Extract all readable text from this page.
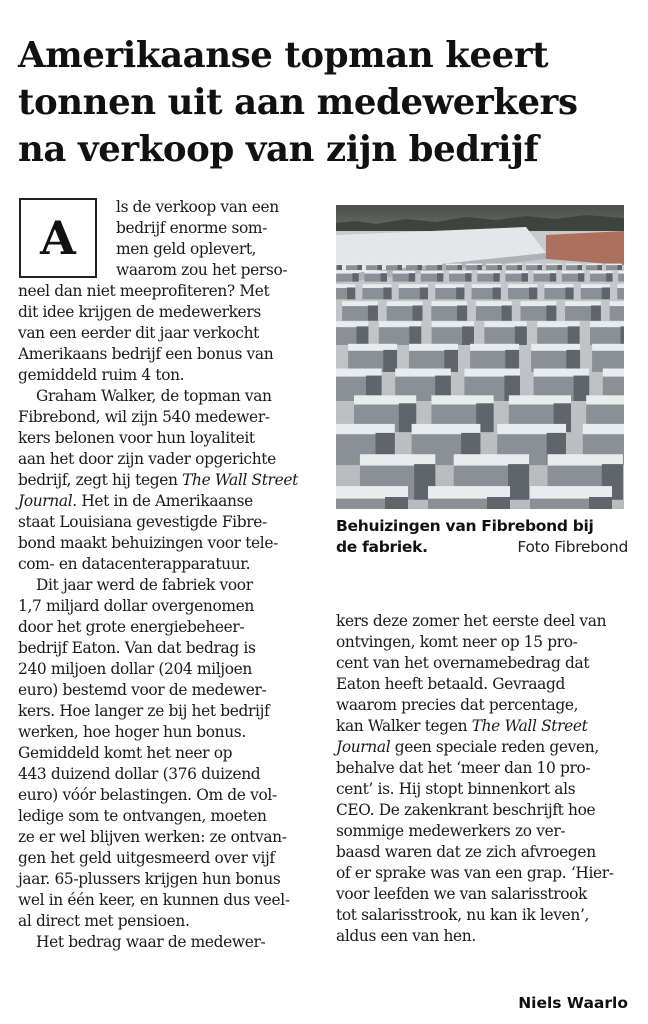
Amerikaanse topman keert
tonnen uit aan medewerkers
na verkoop van zijn bedrijf
A
ls de verkoop van een
bedrijf enorme som-
men geld oplevert,
waarom zou het perso-
neel dan niet meeprofiteren? Met
dit idee krijgen de medewerkers
van een eerder dit jaar verkocht
Amerikaans bedrijf een bonus van
gemiddeld ruim 4 ton.
Graham Walker, de topman van
Fibrebond, wil zijn 540 medewer-
kers belonen voor hun loyaliteit
aan het door zijn vader opgerichte
bedrijf, zegt hij tegen The Wall Street
Journal. Het in de Amerikaanse
staat Louisiana gevestigde Fibre-
bond maakt behuizingen voor tele-
com- en datacenterapparatuur.
Dit jaar werd de fabriek voor
1,7 miljard dollar overgenomen
door het grote energiebeheer-
bedrijf Eaton. Van dat bedrag is
240 miljoen dollar (204 miljoen
euro) bestemd voor de medewer-
kers. Hoe langer ze bij het bedrijf
werken, hoe hoger hun bonus.
Gemiddeld komt het neer op
443 duizend dollar (376 duizend
euro) vóór belastingen. Om de vol-
ledige som te ontvangen, moeten
ze er wel blijven werken: ze ontvan-
gen het geld uitgesmeerd over vijf
jaar. 65-plussers krijgen hun bonus
wel in één keer, en kunnen dus veel-
al direct met pensioen.
Het bedrag waar de medewer-
Behuizingen van Fibrebond bij
de fabriek.	Foto Fibrebond
kers deze zomer het eerste deel van
ontvingen, komt neer op 15 pro-
cent van het overnamebedrag dat
Eaton heeft betaald. Gevraagd
waarom precies dat percentage,
kan Walker tegen The Wall Street
Journal geen speciale reden geven,
behalve dat het ‘meer dan 10 pro-
cent’ is. Hij stopt binnenkort als
CEO. De zakenkrant beschrijft hoe
sommige medewerkers zo ver-
baasd waren dat ze zich afvroegen
of er sprake was van een grap. ‘Hier-
voor leefden we van salarisstrook
tot salarisstrook, nu kan ik leven’,
aldus een van hen.
Niels Waarlo
